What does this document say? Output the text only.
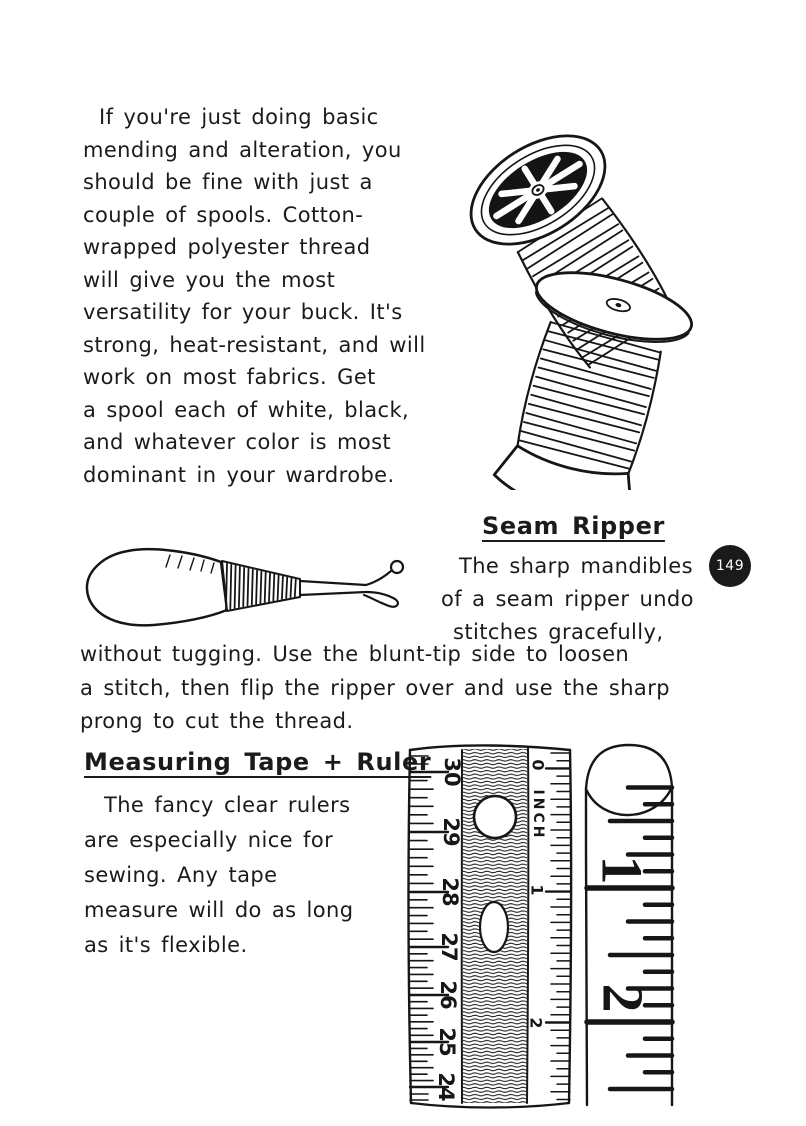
If you're just doing basic
mending and alteration, you
should be fine with just a
couple of spools. Cotton-
wrapped polyester thread
will give you the most
versatility for your buck. It's
strong, heat-resistant, and will
work on most fabrics. Get
a spool each of white, black,
and whatever color is most
dominant in your wardrobe.
Seam Ripper
The sharp mandibles
of a seam ripper undo
stitches gracefully,
149
without tugging. Use the blunt-tip side to loosen
a stitch, then flip the ripper over and use the sharp
prong to cut the thread.
Measuring Tape + Ruler
The fancy clear rulers
are especially nice for
sewing. Any tape
measure will do as long
as it's flexible.
30
29
28
27
26
25
24
0
INCH
1
2
1
2
